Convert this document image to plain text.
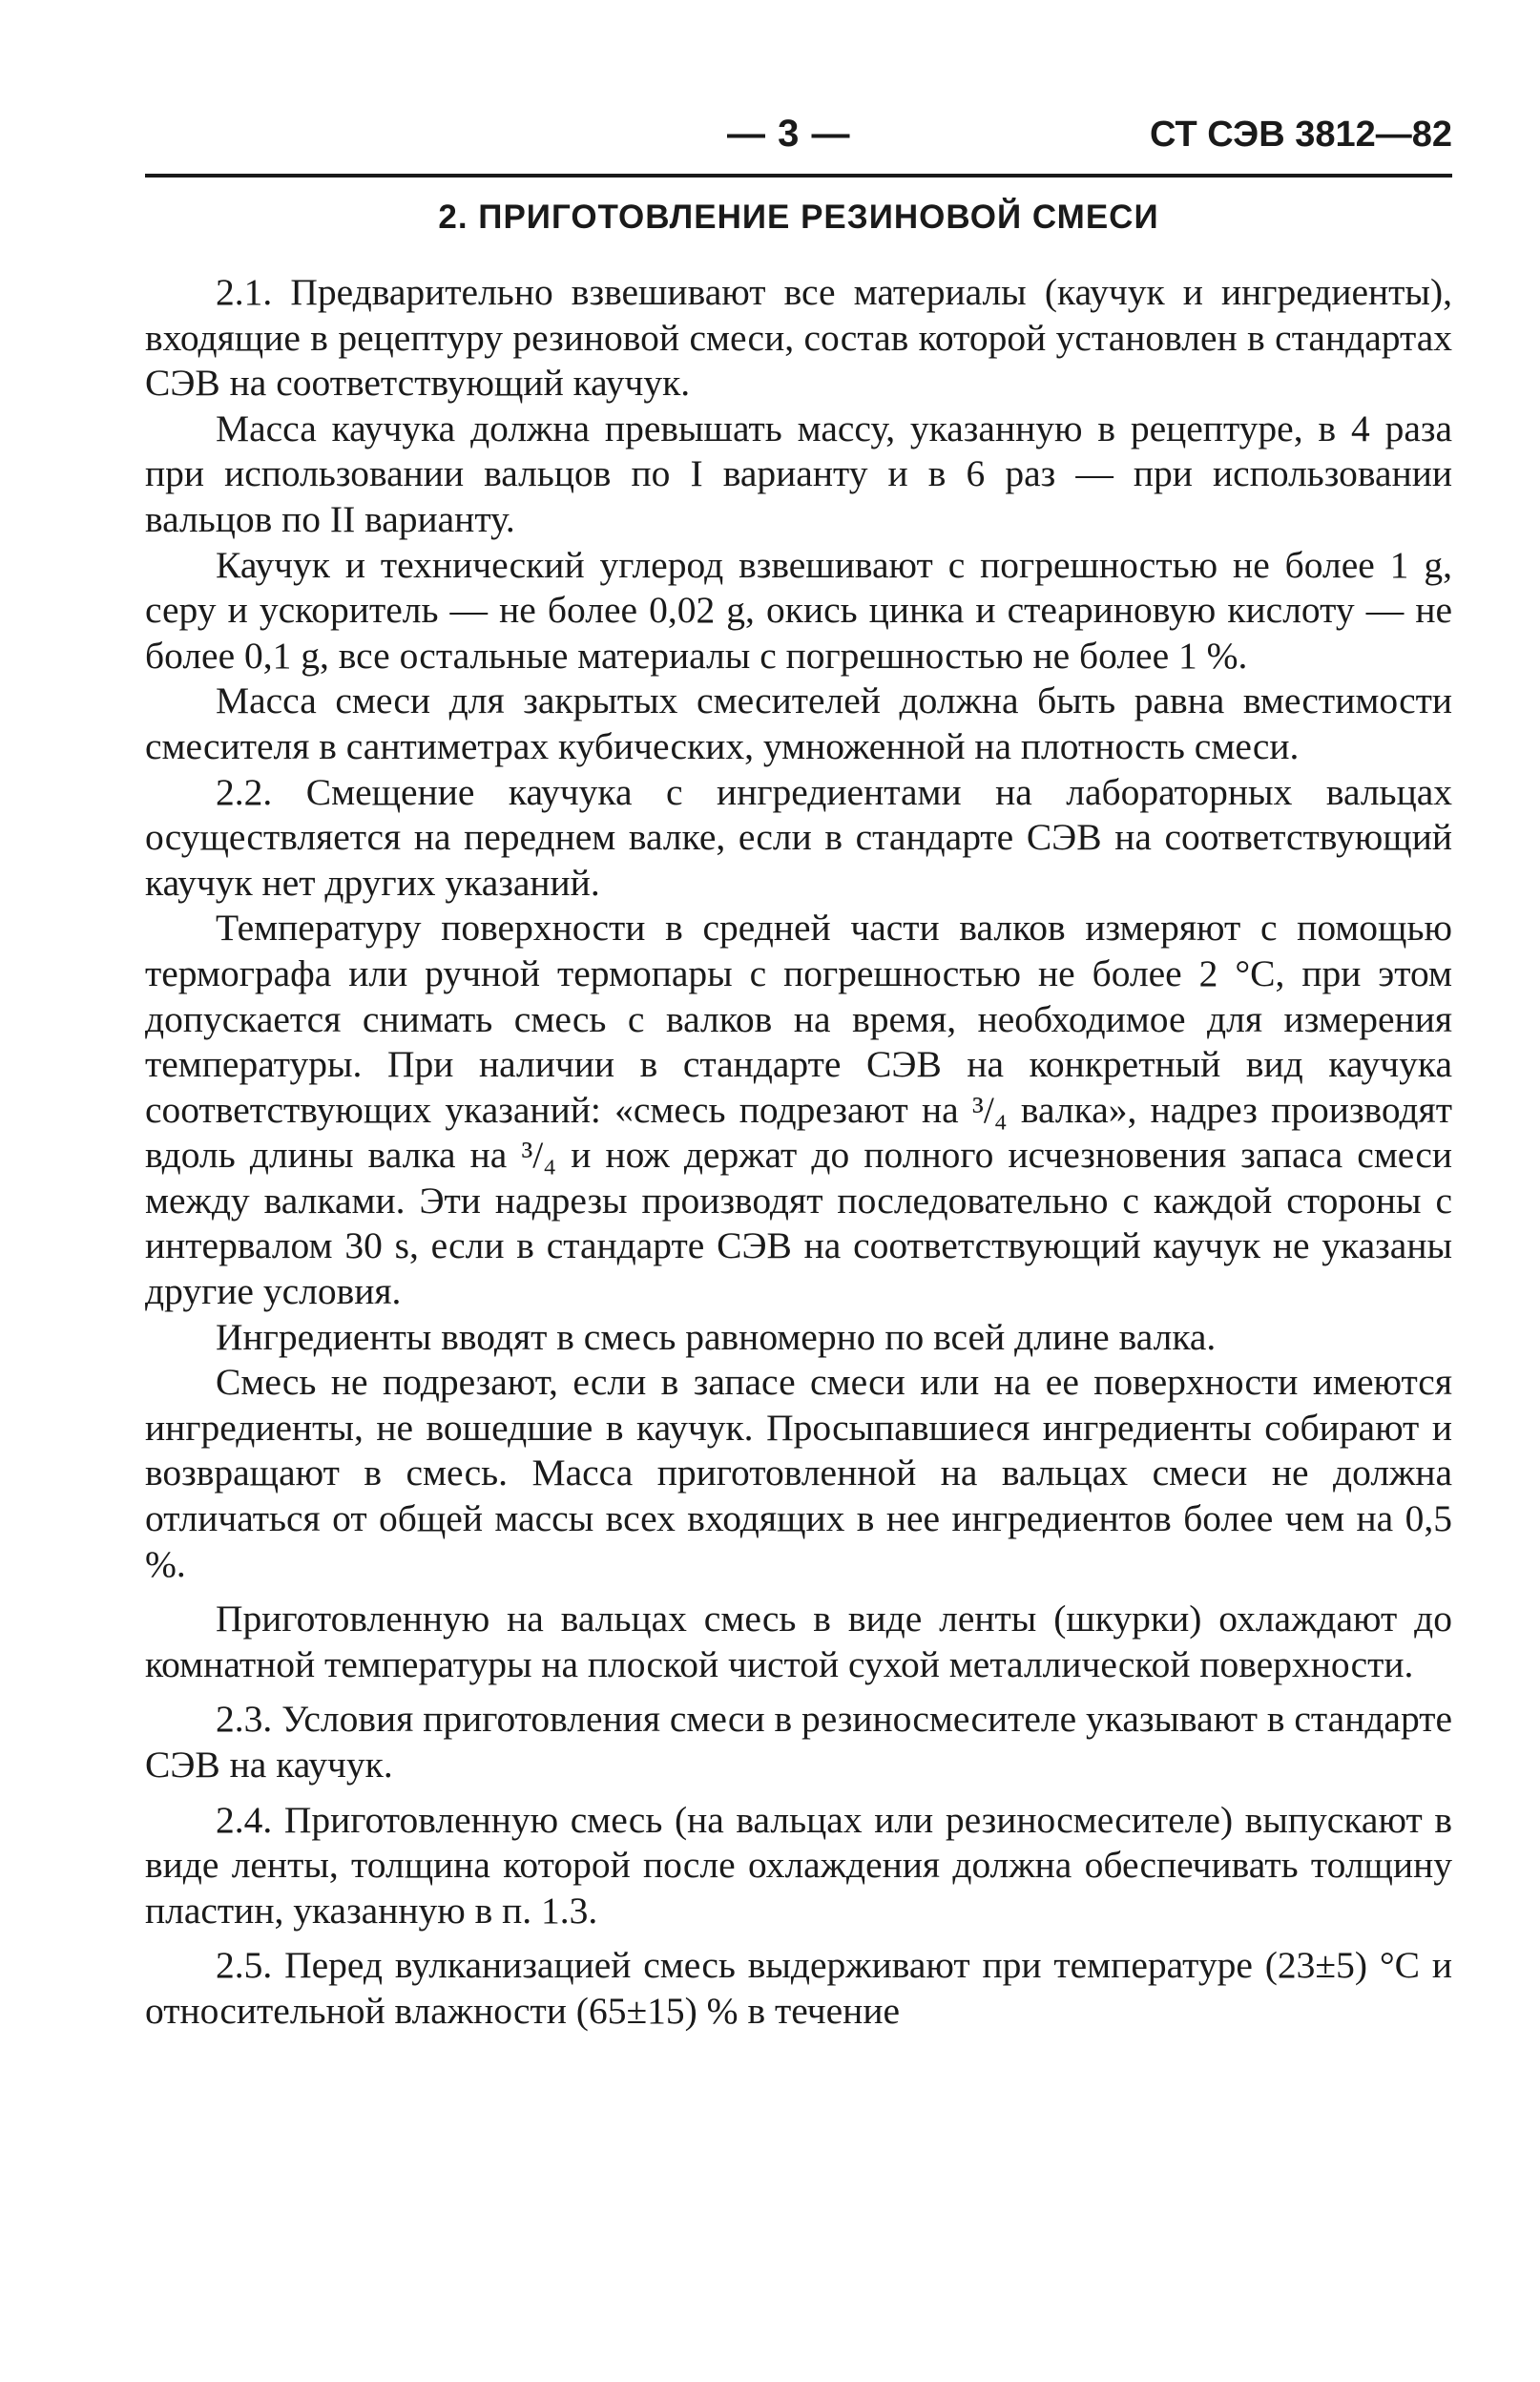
— 3 —	СТ СЭВ 3812—82
2. ПРИГОТОВЛЕНИЕ РЕЗИНОВОЙ СМЕСИ

2.1. Предварительно взвешивают все материалы (каучук и ингредиенты), входящие в рецептуру резиновой смеси, состав которой установлен в стандартах СЭВ на соответствующий каучук.

Масса каучука должна превышать массу, указанную в рецептуре, в 4 раза при использовании вальцов по I варианту и в 6 раз — при использовании вальцов по II варианту.

Каучук и технический углерод взвешивают с погрешностью не более 1 g, серу и ускоритель — не более 0,02 g, окись цинка и стеариновую кислоту — не более 0,1 g, все остальные материалы с погрешностью не более 1 %.

Масса смеси для закрытых смесителей должна быть равна вместимости смесителя в сантиметрах кубических, умноженной на плотность смеси.

2.2. Смещение каучука с ингредиентами на лабораторных вальцах осуществляется на переднем валке, если в стандарте СЭВ на соответствующий каучук нет других указаний.

Температуру поверхности в средней части валков измеряют с помощью термографа или ручной термопары с погрешностью не более 2 °С, при этом допускается снимать смесь с валков на время, необходимое для измерения температуры. При наличии в стандарте СЭВ на конкретный вид каучука соответствующих указаний: «смесь подрезают на ³/₄ валка», надрез производят вдоль длины валка на ³/₄ и нож держат до полного исчезновения запаса смеси между валками. Эти надрезы производят последовательно с каждой стороны с интервалом 30 s, если в стандарте СЭВ на соответствующий каучук не указаны другие условия.

Ингредиенты вводят в смесь равномерно по всей длине валка.

Смесь не подрезают, если в запасе смеси или на ее поверхности имеются ингредиенты, не вошедшие в каучук. Просыпавшиеся ингредиенты собирают и возвращают в смесь. Масса приготовленной на вальцах смеси не должна отличаться от общей массы всех входящих в нее ингредиентов более чем на 0,5 %.

Приготовленную на вальцах смесь в виде ленты (шкурки) охлаждают до комнатной температуры на плоской чистой сухой металлической поверхности.

2.3. Условия приготовления смеси в резиносмесителе указывают в стандарте СЭВ на каучук.

2.4. Приготовленную смесь (на вальцах или резиносмесителе) выпускают в виде ленты, толщина которой после охлаждения должна обеспечивать толщину пластин, указанную в п. 1.3.

2.5. Перед вулканизацией смесь выдерживают при температуре (23±5) °С и относительной влажности (65±15) % в течение
